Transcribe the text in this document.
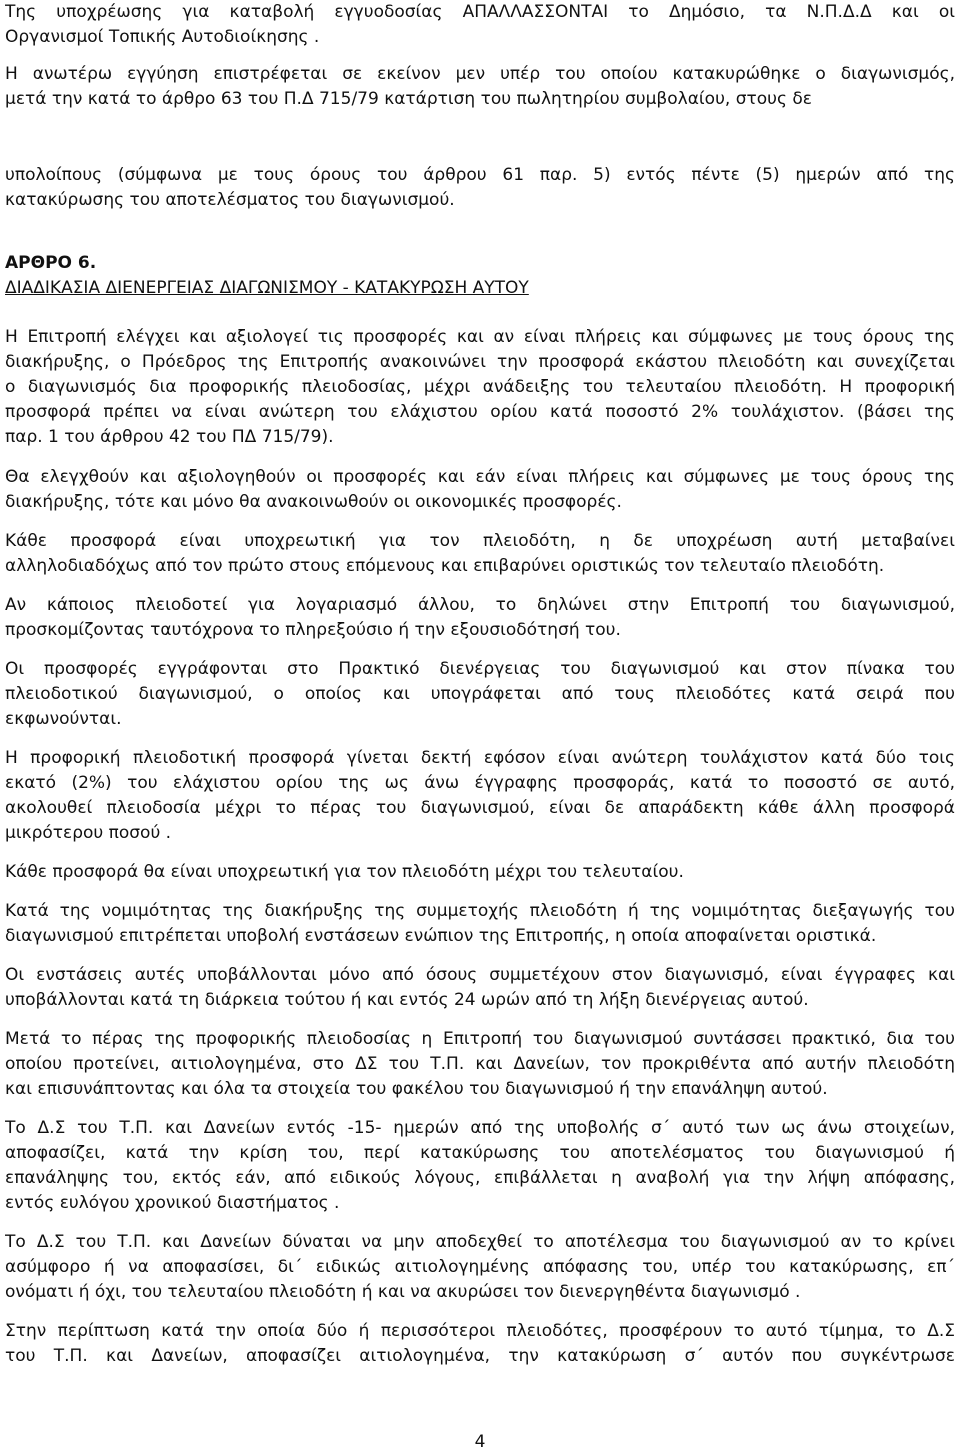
Της υποχρέωσης για καταβολή εγγυοδοσίας ΑΠΑΛΛΑΣΣΟΝΤΑΙ το Δημόσιο, τα Ν.Π.Δ.Δ και οι
Οργανισμοί Τοπικής Αυτοδιοίκησης .
Η ανωτέρω εγγύηση επιστρέφεται σε εκείνον μεν υπέρ του οποίου κατακυρώθηκε ο διαγωνισμός,
μετά την κατά το άρθρο 63 του Π.Δ 715/79 κατάρτιση του πωλητηρίου συμβολαίου, στους δε
υπολοίπους (σύμφωνα με τους όρους του άρθρου 61 παρ. 5) εντός πέντε (5) ημερών από της
κατακύρωσης του αποτελέσματος του διαγωνισμού.
ΑΡΘΡΟ 6.
ΔΙΑΔΙΚΑΣΙΑ ΔΙΕΝΕΡΓΕΙΑΣ ΔΙΑΓΩΝΙΣΜΟΥ - ΚΑΤΑΚΥΡΩΣΗ ΑΥΤΟΥ
Η Επιτροπή ελέγχει και αξιολογεί τις προσφορές και αν είναι πλήρεις και σύμφωνες με τους όρους της
διακήρυξης, ο Πρόεδρος της Επιτροπής ανακοινώνει την προσφορά εκάστου πλειοδότη και συνεχίζεται
ο διαγωνισμός δια προφορικής πλειοδοσίας, μέχρι ανάδειξης του τελευταίου πλειοδότη. Η προφορική
προσφορά πρέπει να είναι ανώτερη του ελάχιστου ορίου κατά ποσοστό 2% τουλάχιστον. (βάσει της
παρ. 1 του άρθρου 42 του ΠΔ 715/79).
Θα ελεγχθούν και αξιολογηθούν οι προσφορές και εάν είναι πλήρεις και σύμφωνες με τους όρους της
διακήρυξης, τότε και μόνο θα ανακοινωθούν οι οικονομικές προσφορές.
Κάθε προσφορά είναι υποχρεωτική για τον πλειοδότη, η δε υποχρέωση αυτή μεταβαίνει
αλληλοδιαδόχως από τον πρώτο στους επόμενους και επιβαρύνει οριστικώς τον τελευταίο πλειοδότη.
Αν κάποιος πλειοδοτεί για λογαριασμό άλλου, το δηλώνει στην Επιτροπή του διαγωνισμού,
προσκομίζοντας ταυτόχρονα το πληρεξούσιο ή την εξουσιοδότησή του.
Οι προσφορές εγγράφονται στο Πρακτικό διενέργειας του διαγωνισμού και στον πίνακα του
πλειοδοτικού διαγωνισμού, ο οποίος και υπογράφεται από τους πλειοδότες κατά σειρά που
εκφωνούνται.
Η προφορική πλειοδοτική προσφορά γίνεται δεκτή εφόσον είναι ανώτερη τουλάχιστον κατά δύο τοις
εκατό (2%) του ελάχιστου ορίου της ως άνω έγγραφης προσφοράς, κατά το ποσοστό σε αυτό,
ακολουθεί πλειοδοσία μέχρι το πέρας του διαγωνισμού, είναι δε απαράδεκτη κάθε άλλη προσφορά
μικρότερου ποσού .
Κάθε προσφορά θα είναι υποχρεωτική για τον πλειοδότη μέχρι του τελευταίου.
Κατά της νομιμότητας της διακήρυξης της συμμετοχής πλειοδότη ή της νομιμότητας διεξαγωγής του
διαγωνισμού επιτρέπεται υποβολή ενστάσεων ενώπιον της Επιτροπής, η οποία αποφαίνεται οριστικά.
Οι ενστάσεις αυτές υποβάλλονται μόνο από όσους συμμετέχουν στον διαγωνισμό, είναι έγγραφες και
υποβάλλονται κατά τη διάρκεια τούτου ή και εντός 24 ωρών από τη λήξη διενέργειας αυτού.
Μετά το πέρας της προφορικής πλειοδοσίας η Επιτροπή του διαγωνισμού συντάσσει πρακτικό, δια του
οποίου προτείνει, αιτιολογημένα, στο ΔΣ του Τ.Π. και Δανείων, τον προκριθέντα από αυτήν πλειοδότη
και επισυνάπτοντας και όλα τα στοιχεία του φακέλου του διαγωνισμού ή την επανάληψη αυτού.
Το Δ.Σ του Τ.Π. και Δανείων εντός -15- ημερών από της υποβολής σ΄ αυτό των ως άνω στοιχείων,
αποφασίζει, κατά την κρίση του, περί κατακύρωσης του αποτελέσματος του διαγωνισμού ή
επανάληψης του, εκτός εάν, από ειδικούς λόγους, επιβάλλεται η αναβολή για την λήψη απόφασης,
εντός ευλόγου χρονικού διαστήματος .
Το Δ.Σ του Τ.Π. και Δανείων δύναται να μην αποδεχθεί το αποτέλεσμα του διαγωνισμού αν το κρίνει
ασύμφορο ή να αποφασίσει, δι΄ ειδικώς αιτιολογημένης απόφασης του, υπέρ του κατακύρωσης, επ΄
ονόματι ή όχι, του τελευταίου πλειοδότη ή και να ακυρώσει τον διενεργηθέντα διαγωνισμό .
Στην περίπτωση κατά την οποία δύο ή περισσότεροι πλειοδότες, προσφέρουν το αυτό τίμημα, το Δ.Σ
του Τ.Π. και Δανείων, αποφασίζει αιτιολογημένα, την κατακύρωση σ΄ αυτόν που συγκέντρωσε
4
